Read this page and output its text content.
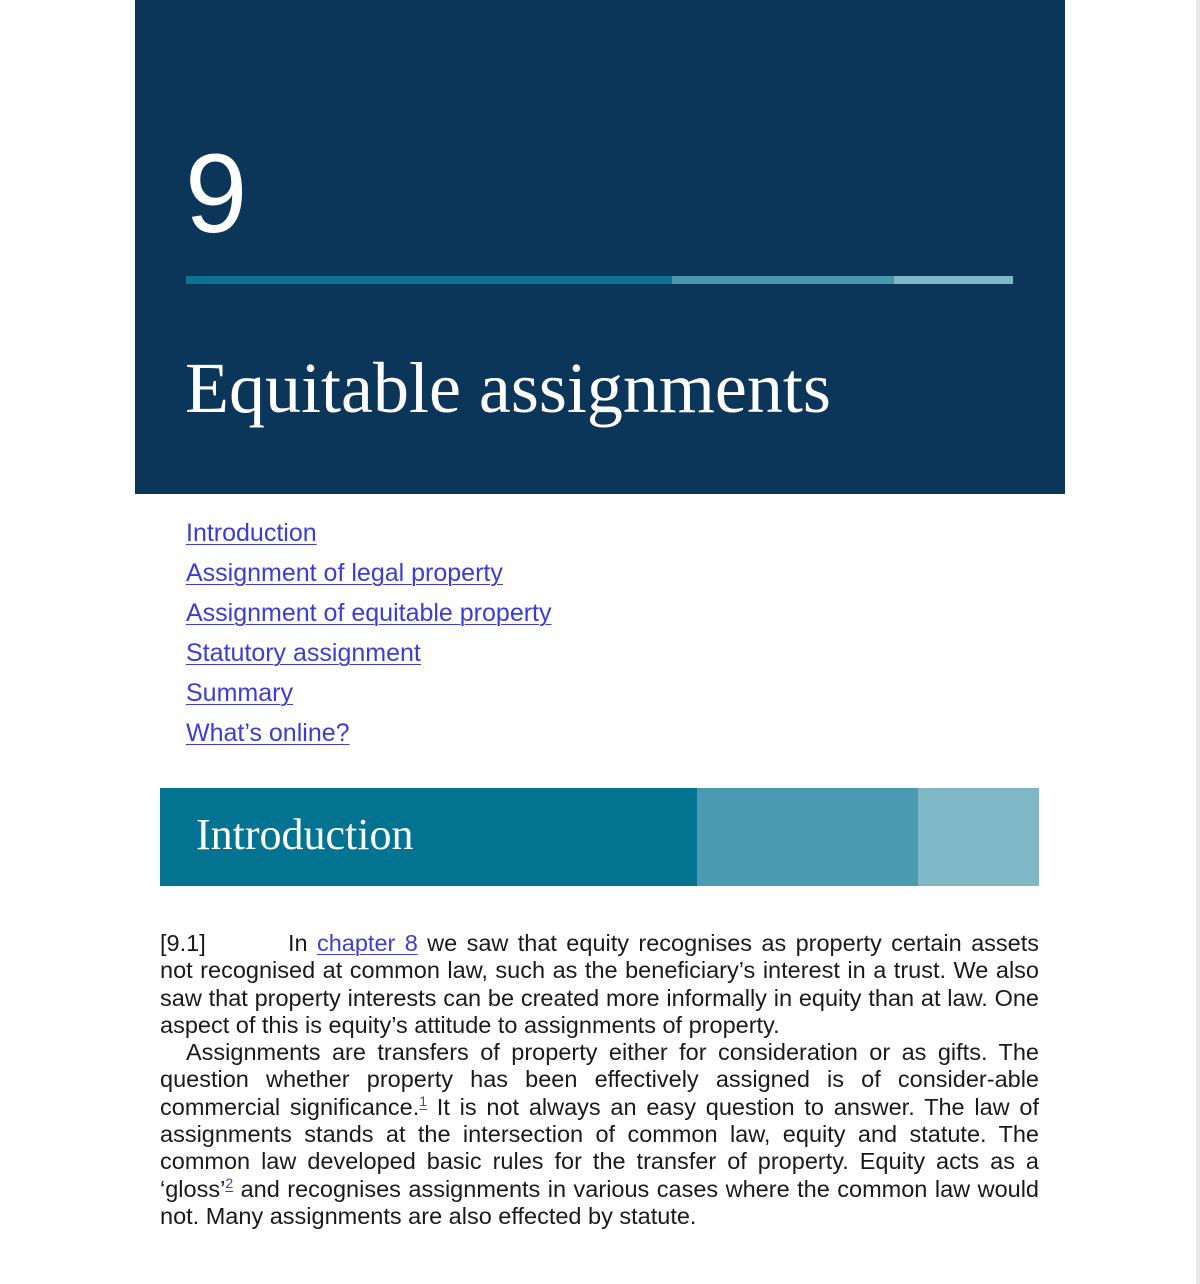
9
Equitable assignments
Introduction
Assignment of legal property
Assignment of equitable property
Statutory assignment
Summary
What’s online?
Introduction

[9.1]	In chapter 8 we saw that equity recognises as property certain assets not recognised at common law, such as the beneficiary’s interest in a trust. We also saw that property interests can be created more informally in equity than at law. One aspect of this is equity’s attitude to assignments of property.

Assignments are transfers of property either for consideration or as gifts. The question whether property has been effectively assigned is of consider-able commercial significance.$^1$ It is not always an easy question to answer. The law of assignments stands at the intersection of common law, equity and statute. The common law developed basic rules for the transfer of property. Equity acts as a ‘gloss’$^2$ and recognises assignments in various cases where the common law would not. Many assignments are also effected by statute.
